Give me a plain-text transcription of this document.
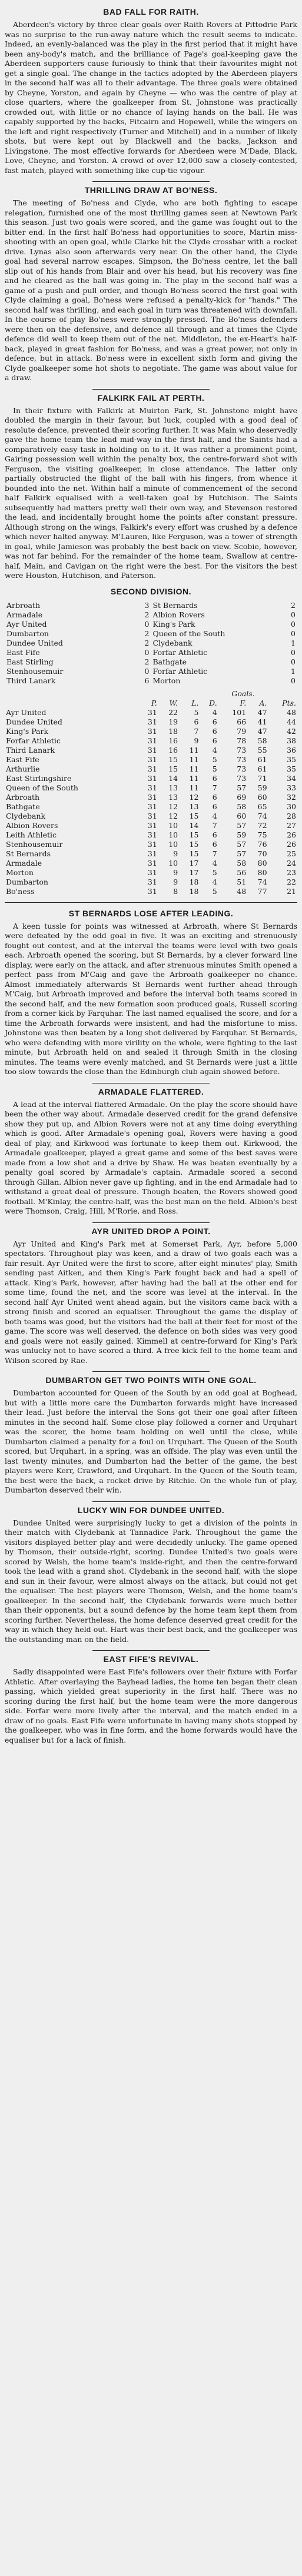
BAD FALL FOR RAITH.

Aberdeen's victory by three clear goals over Raith Rovers at Pittodrie Park was no surprise to the run-away nature which the result seems to indicate. Indeed, an evenly-balanced was the play in the first period that it might have been any-body's match, and the brilliance of Page's goal-keeping gave the Aberdeen supporters cause furiously to think that their favourites might not get a single goal. The change in the tactics adopted by the Aberdeen players in the second half was all to their advantage. The three goals were obtained by Cheyne, Yorston, and again by Cheyne — who was the centre of play at close quarters, where the goalkeeper from St. Johnstone was practically crowded out, with little or no chance of laying hands on the ball. He was capably supported by the backs, Fitcairn and Hopewell, while the wingers on the left and right respectively (Turner and Mitchell) and in a number of likely shots, but were kept out by Blackwell and the backs, Jackson and Livingstone. The most effective forwards for Aberdeen were M'Dade, Black, Love, Cheyne, and Yorston. A crowd of over 12,000 saw a closely-contested, fast match, played with something like cup-tie vigour.

THRILLING DRAW AT BO'NESS.

The meeting of Bo'ness and Clyde, who are both fighting to escape relegation, furnished one of the most thrilling games seen at Newtown Park this season. Just two goals were scored, and the game was fought out to the bitter end. In the first half Bo'ness had opportunities to score, Martin miss-shooting with an open goal, while Clarke hit the Clyde crossbar with a rocket drive. Lynas also soon afterwards very near. On the other hand, the Clyde goal had several narrow escapes. Simpson, the Bo'ness centre, let the ball slip out of his hands from Blair and over his head, but his recovery was fine and he cleared as the ball was going in. The play in the second half was a game of a push and pull order, and though Bo'ness scored the first goal with Clyde claiming a goal, Bo'ness were refused a penalty-kick for "hands." The second half was thrilling, and each goal in turn was threatened with downfall. In the course of play Bo'ness were strongly pressed. The Bo'ness defenders were then on the defensive, and defence all through and at times the Clyde defence did well to keep them out of the net. Middleton, the ex-Heart's half-back, played in great fashion for Bo'ness, and was a great power, not only in defence, but in attack. Bo'ness were in excellent sixth form and giving the Clyde goalkeeper some hot shots to negotiate. The game was about value for a draw.

FALKIRK FAIL AT PERTH.

In their fixture with Falkirk at Muirton Park, St. Johnstone might have doubled the margin in their favour, but luck, coupled with a good deal of resolute defence, prevented their scoring further. It was Main who deservedly gave the home team the lead mid-way in the first half, and the Saints had a comparatively easy task in holding on to it. It was rather a prominent point, Gairing possession well within the penalty box, the centre-forward shot with Ferguson, the visiting goalkeeper, in close attendance. The latter only partially obstructed the flight of the ball with his fingers, from whence it bounded into the net. Within half a minute of commencement of the second half Falkirk equalised with a well-taken goal by Hutchison. The Saints subsequently had matters pretty well their own way, and Stevenson restored the lead, and incidentally brought home the points after constant pressure. Although strong on the wings, Falkirk's every effort was crushed by a defence which never halted anyway. M'Lauren, like Ferguson, was a tower of strength in goal, while Jamieson was probably the best back on view. Scobie, however, was not far behind. For the remainder of the home team, Swallow at centre-half, Main, and Cavigan on the right were the best. For the visitors the best were Houston, Hutchison, and Paterson.

SECOND DIVISION.
Arbroath	3	St Bernards	2
Armadale	2	Albion Rovers	0
Ayr United	0	King's Park	0
Dumbarton	2	Queen of the South	0
Dundee United	2	Clydebank	1
East Fife	0	Forfar Athletic	0
East Stirling	2	Bathgate	0
Stenhousemuir	0	Forfar Athletic	1
Third Lanark	6	Morton	0
					Goals.		
	P.	W.	L.	D.	F.	A.	Pts.
Ayr United	31	22	5	4	101	47	48
Dundee United	31	19	6	6	66	41	44
King's Park	31	18	7	6	79	47	42
Forfar Athletic	31	16	9	6	78	58	38
Third Lanark	31	16	11	4	73	55	36
East Fife	31	15	11	5	73	61	35
Arthurlie	31	15	11	5	73	61	35
East Stirlingshire	31	14	11	6	73	71	34
Queen of the South	31	13	11	7	57	59	33
Arbroath	31	13	12	6	69	60	32
Bathgate	31	12	13	6	58	65	30
Clydebank	31	12	15	4	60	74	28
Albion Rovers	31	10	14	7	57	72	27
Leith Athletic	31	10	15	6	59	75	26
Stenhousemuir	31	10	15	6	57	76	26
St Bernards	31	9	15	7	57	70	25
Armadale	31	10	17	4	58	80	24
Morton	31	9	17	5	56	80	23
Dumbarton	31	9	18	4	51	74	22
Bo'ness	31	8	18	5	48	77	21
ST BERNARDS LOSE AFTER LEADING.

A keen tussle for points was witnessed at Arbroath, where St Bernards were defeated by the odd goal in five. It was an exciting and strenuously fought out contest, and at the interval the teams were level with two goals each. Arbroath opened the scoring, but St Bernards, by a clever forward line display, were early on the attack, and after strenuous minutes Smith opened a perfect pass from M'Caig and gave the Arbroath goalkeeper no chance. Almost immediately afterwards St Bernards went further ahead through M'Caig, but Arbroath improved and before the interval both teams scored in the second half, and the new formation soon produced goals, Russell scoring from a corner kick by Farquhar. The last named equalised the score, and for a time the Arbroath forwards were insistent, and had the misfortune to miss. Johnstone was then beaten by a long shot delivered by Farquhar. St Bernards, who were defending with more virility on the whole, were fighting to the last minute, but Arbroath held on and sealed it through Smith in the closing minutes. The teams were evenly matched, and St Bernards were just a little too slow towards the close than the Edinburgh club again showed before.

ARMADALE FLATTERED.

A lead at the interval flattered Armadale. On the play the score should have been the other way about. Armadale deserved credit for the grand defensive show they put up, and Albion Rovers were not at any time doing everything which is good. After Armadale's opening goal, Rovers were having a good deal of play, and Kirkwood was fortunate to keep them out. Kirkwood, the Armadale goalkeeper, played a great game and some of the best saves were made from a low shot and a drive by Shaw. He was beaten eventually by a penalty goal scored by Armadale's captain. Armadale scored a second through Gillan. Albion never gave up fighting, and in the end Armadale had to withstand a great deal of pressure. Though beaten, the Rovers showed good football. M'Kinlay, the centre-half, was the best man on the field. Albion's best were Thomson, Craig, Hill, M'Rorie, and Ross.

AYR UNITED DROP A POINT.

Ayr United and King's Park met at Somerset Park, Ayr, before 5,000 spectators. Throughout play was keen, and a draw of two goals each was a fair result. Ayr United were the first to score, after eight minutes' play, Smith sending past Aitken, and then King's Park fought back and had a spell of attack. King's Park, however, after having had the ball at the other end for some time, found the net, and the score was level at the interval. In the second half Ayr United went ahead again, but the visitors came back with a strong finish and scored an equaliser. Throughout the game the display of both teams was good, but the visitors had the ball at their feet for most of the game. The score was well deserved, the defence on both sides was very good and goals were not easily gained. Kimmell at centre-forward for King's Park was unlucky not to have scored a third. A free kick fell to the home team and Wilson scored by Rae.

DUMBARTON GET TWO POINTS WITH ONE GOAL.

Dumbarton accounted for Queen of the South by an odd goal at Boghead, but with a little more care the Dumbarton forwards might have increased their lead. Just before the interval the Sons got their one goal after fifteen minutes in the second half. Some close play followed a corner and Urquhart was the scorer, the home team holding on well until the close, while Dumbarton claimed a penalty for a foul on Urquhart. The Queen of the South scored, but Urquhart, in a spring, was an offside. The play was even until the last twenty minutes, and Dumbarton had the better of the game, the best players were Kerr, Crawford, and Urquhart. In the Queen of the South team, the best were the back, a rocket drive by Ritchie. On the whole fun of play, Dumbarton deserved their win.

LUCKY WIN FOR DUNDEE UNITED.

Dundee United were surprisingly lucky to get a division of the points in their match with Clydebank at Tannadice Park. Throughout the game the visitors displayed better play and were decidedly unlucky. The game opened by Thomson, their outside-right, scoring. Dundee United's two goals were scored by Welsh, the home team's inside-right, and then the centre-forward took the lead with a grand shot. Clydebank in the second half, with the slope and sun in their favour, were almost always on the attack, but could not get the equaliser. The best players were Thomson, Welsh, and the home team's goalkeeper. In the second half, the Clydebank forwards were much better than their opponents, but a sound defence by the home team kept them from scoring further. Nevertheless, the home defence deserved great credit for the way in which they held out. Hart was their best back, and the goalkeeper was the outstanding man on the field.

EAST FIFE'S REVIVAL.

Sadly disappointed were East Fife's followers over their fixture with Forfar Athletic. After overlaying the Bayhead ladies, the home ten began their clean passing, which yielded great superiority in the first half. There was no scoring during the first half, but the home team were the more dangerous side. Forfar were more lively after the interval, and the match ended in a draw of no goals. East Fife were unfortunate in having many shots stopped by the goalkeeper, who was in fine form, and the home forwards would have the equaliser but for a lack of finish.
